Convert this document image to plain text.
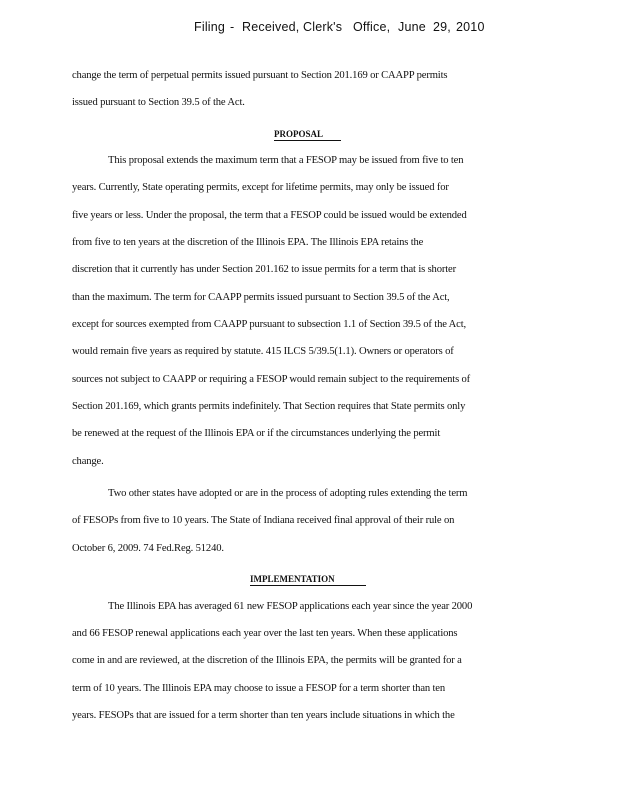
Filing - Received, Clerk's Office, June 29, 2010
change the term of perpetual permits issued pursuant to Section 201.169 or CAAPP permits
issued pursuant to Section 39.5 of the Act.
PROPOSAL
This proposal extends the maximum term that a FESOP may be issued from five to ten
years. Currently, State operating permits, except for lifetime permits, may only be issued for
five years or less. Under the proposal, the term that a FESOP could be issued would be extended
from five to ten years at the discretion of the Illinois EPA. The Illinois EPA retains the
discretion that it currently has under Section 201.162 to issue permits for a term that is shorter
than the maximum. The term for CAAPP permits issued pursuant to Section 39.5 of the Act,
except for sources exempted from CAAPP pursuant to subsection 1.1 of Section 39.5 of the Act,
would remain five years as required by statute. 415 ILCS 5/39.5(1.1). Owners or operators of
sources not subject to CAAPP or requiring a FESOP would remain subject to the requirements of
Section 201.169, which grants permits indefinitely. That Section requires that State permits only
be renewed at the request of the Illinois EPA or if the circumstances underlying the permit
change.
Two other states have adopted or are in the process of adopting rules extending the term
of FESOPs from five to 10 years. The State of Indiana received final approval of their rule on
October 6, 2009. 74 Fed.Reg. 51240.
IMPLEMENTATION
The Illinois EPA has averaged 61 new FESOP applications each year since the year 2000
and 66 FESOP renewal applications each year over the last ten years. When these applications
come in and are reviewed, at the discretion of the Illinois EPA, the permits will be granted for a
term of 10 years. The Illinois EPA may choose to issue a FESOP for a term shorter than ten
years. FESOPs that are issued for a term shorter than ten years include situations in which the
